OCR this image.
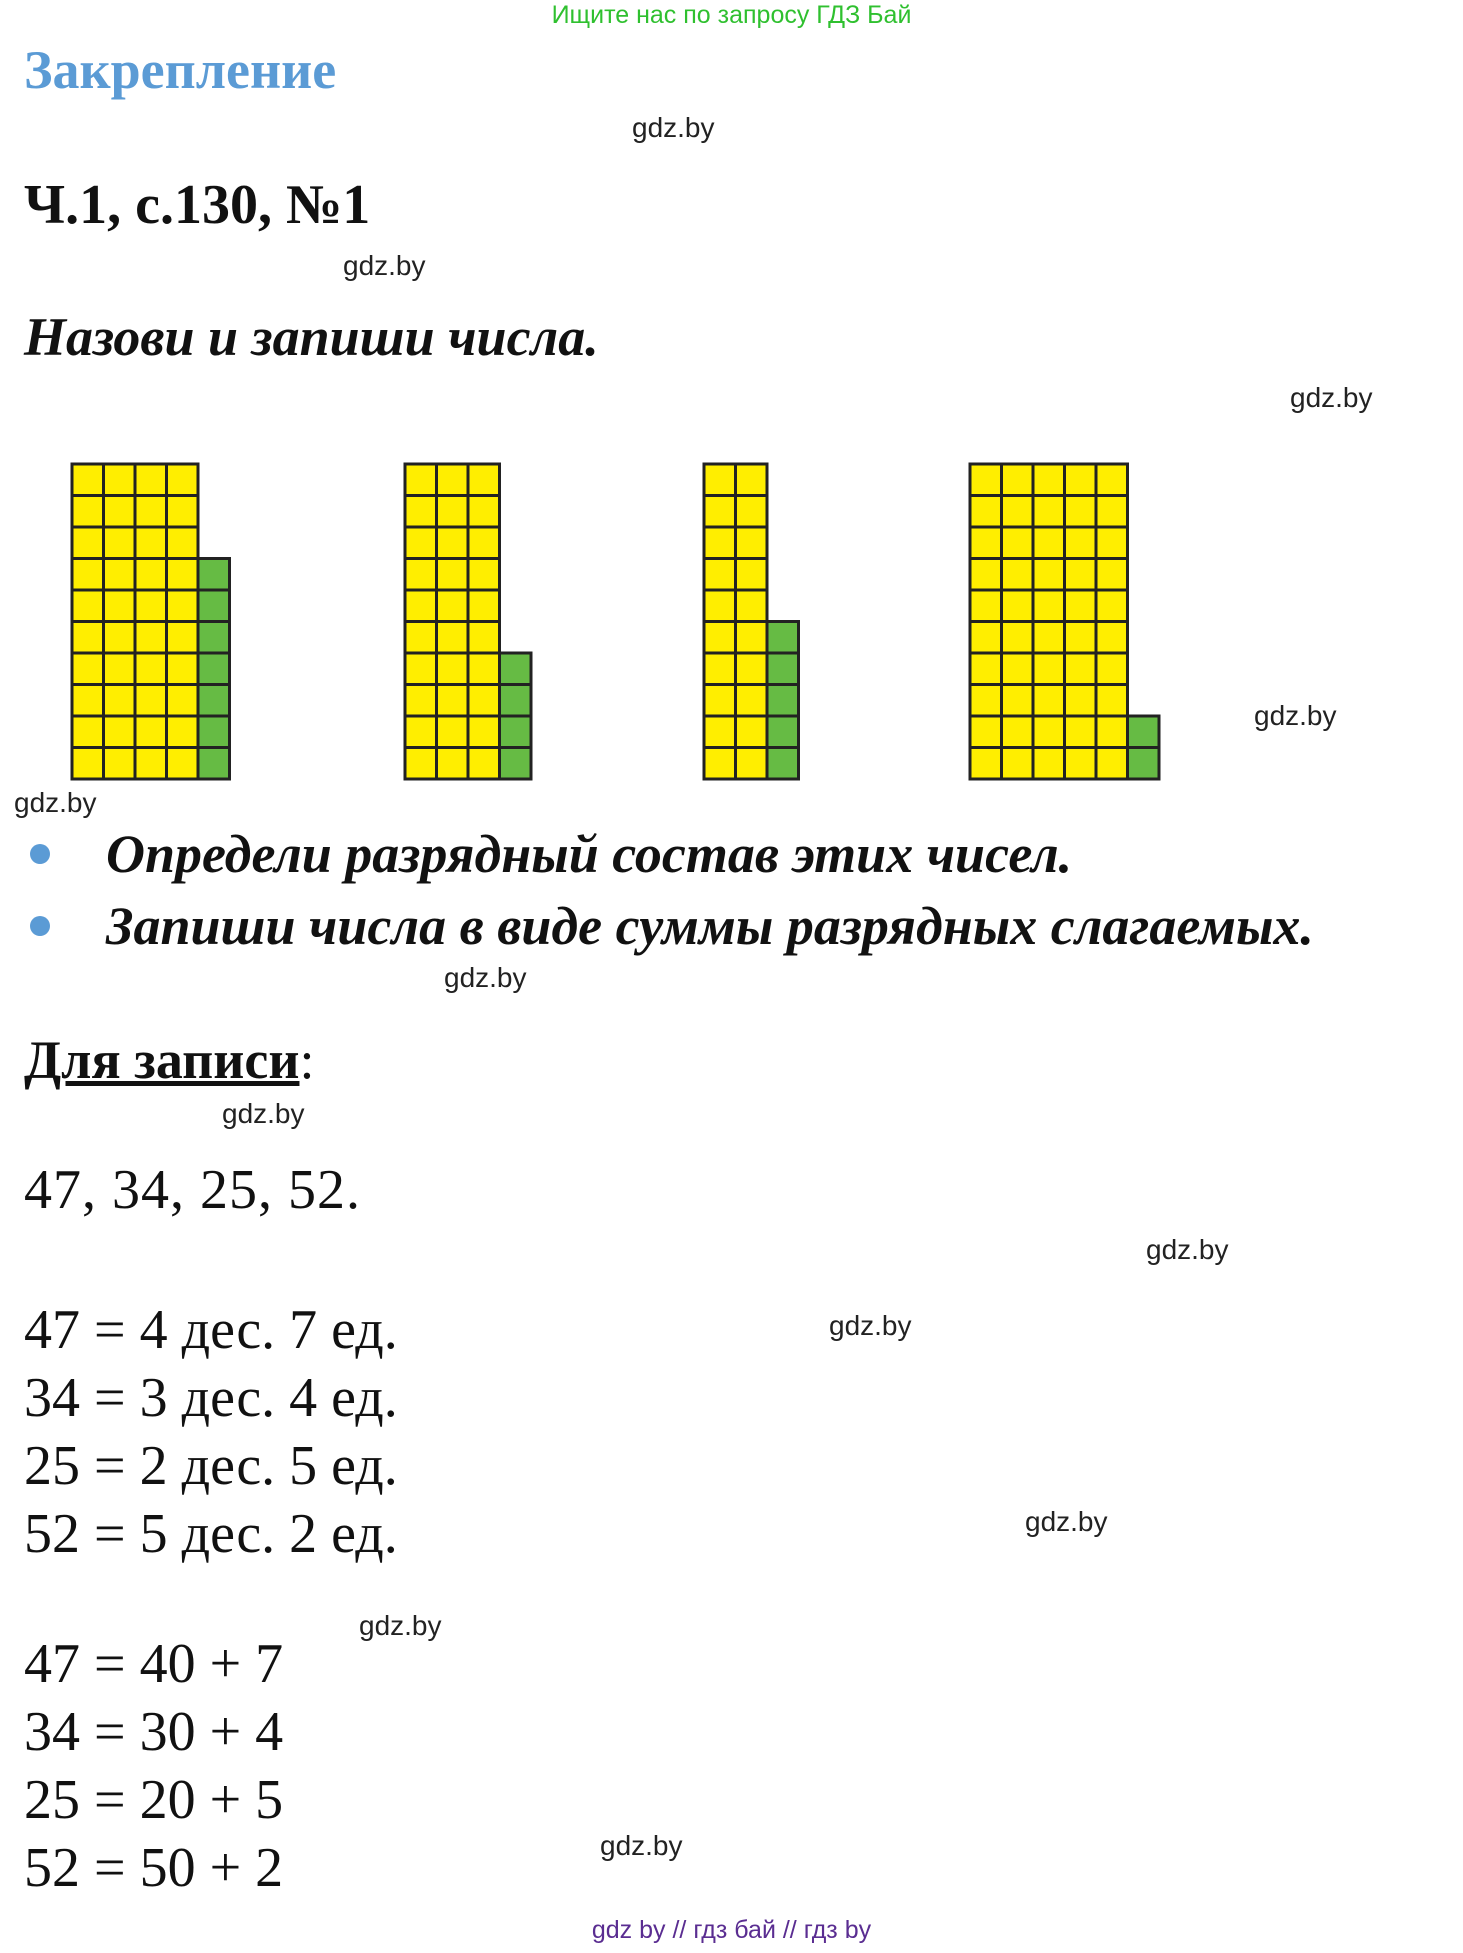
Ищите нас по запросу ГДЗ Бай
Закрепление
gdz.by
Ч.1, с.130, №1
gdz.by
Назови и запиши числа.
gdz.by
gdz.by
gdz.by
Определи разрядный состав этих чисел.
Запиши числа в виде суммы разрядных слагаемых.
gdz.by
Для записи:
gdz.by
47, 34, 25, 52.
gdz.by
47 = 4 дес. 7 ед.
34 = 3 дес. 4 ед.
25 = 2 дес. 5 ед.
52 = 5 дес. 2 ед.
gdz.by
gdz.by
gdz.by
47 = 40 + 7
34 = 30 + 4
25 = 20 + 5
52 = 50 + 2	gdz.by
gdz by // гдз бай // гдз by
